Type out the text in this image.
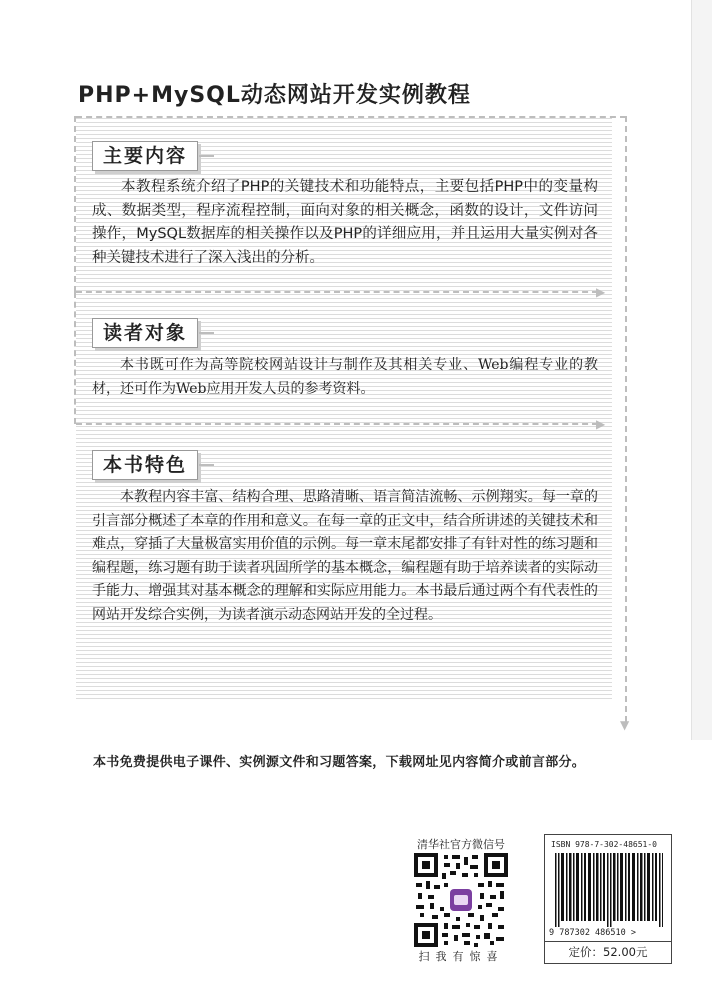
PHP+MySQL动态网站开发实例教程
▼
▶
▶
主要内容

本教程系统介绍了PHP的关键技术和功能特点，主要包括PHP中的变量构成、数据类型，程序流程控制，面向对象的相关概念，函数的设计，文件访问操作，MySQL数据库的相关操作以及PHP的详细应用，并且运用大量实例对各种关键技术进行了深入浅出的分析。

读者对象

本书既可作为高等院校网站设计与制作及其相关专业、Web编程专业的教材，还可作为Web应用开发人员的参考资料。

本书特色

本教程内容丰富、结构合理、思路清晰、语言简洁流畅、示例翔实。每一章的引言部分概述了本章的作用和意义。在每一章的正文中，结合所讲述的关键技术和难点，穿插了大量极富实用价值的示例。每一章末尾都安排了有针对性的练习题和编程题，练习题有助于读者巩固所学的基本概念，编程题有助于培养读者的实际动手能力、增强其对基本概念的理解和实际应用能力。本书最后通过两个有代表性的网站开发综合实例，为读者演示动态网站开发的全过程。

本书免费提供电子课件、实例源文件和习题答案，下载网址见内容简介或前言部分。

清华社官方微信号
扫我有惊喜
ISBN 978-7-302-48651-0
9 787302 486510 >
定价：52.00元
